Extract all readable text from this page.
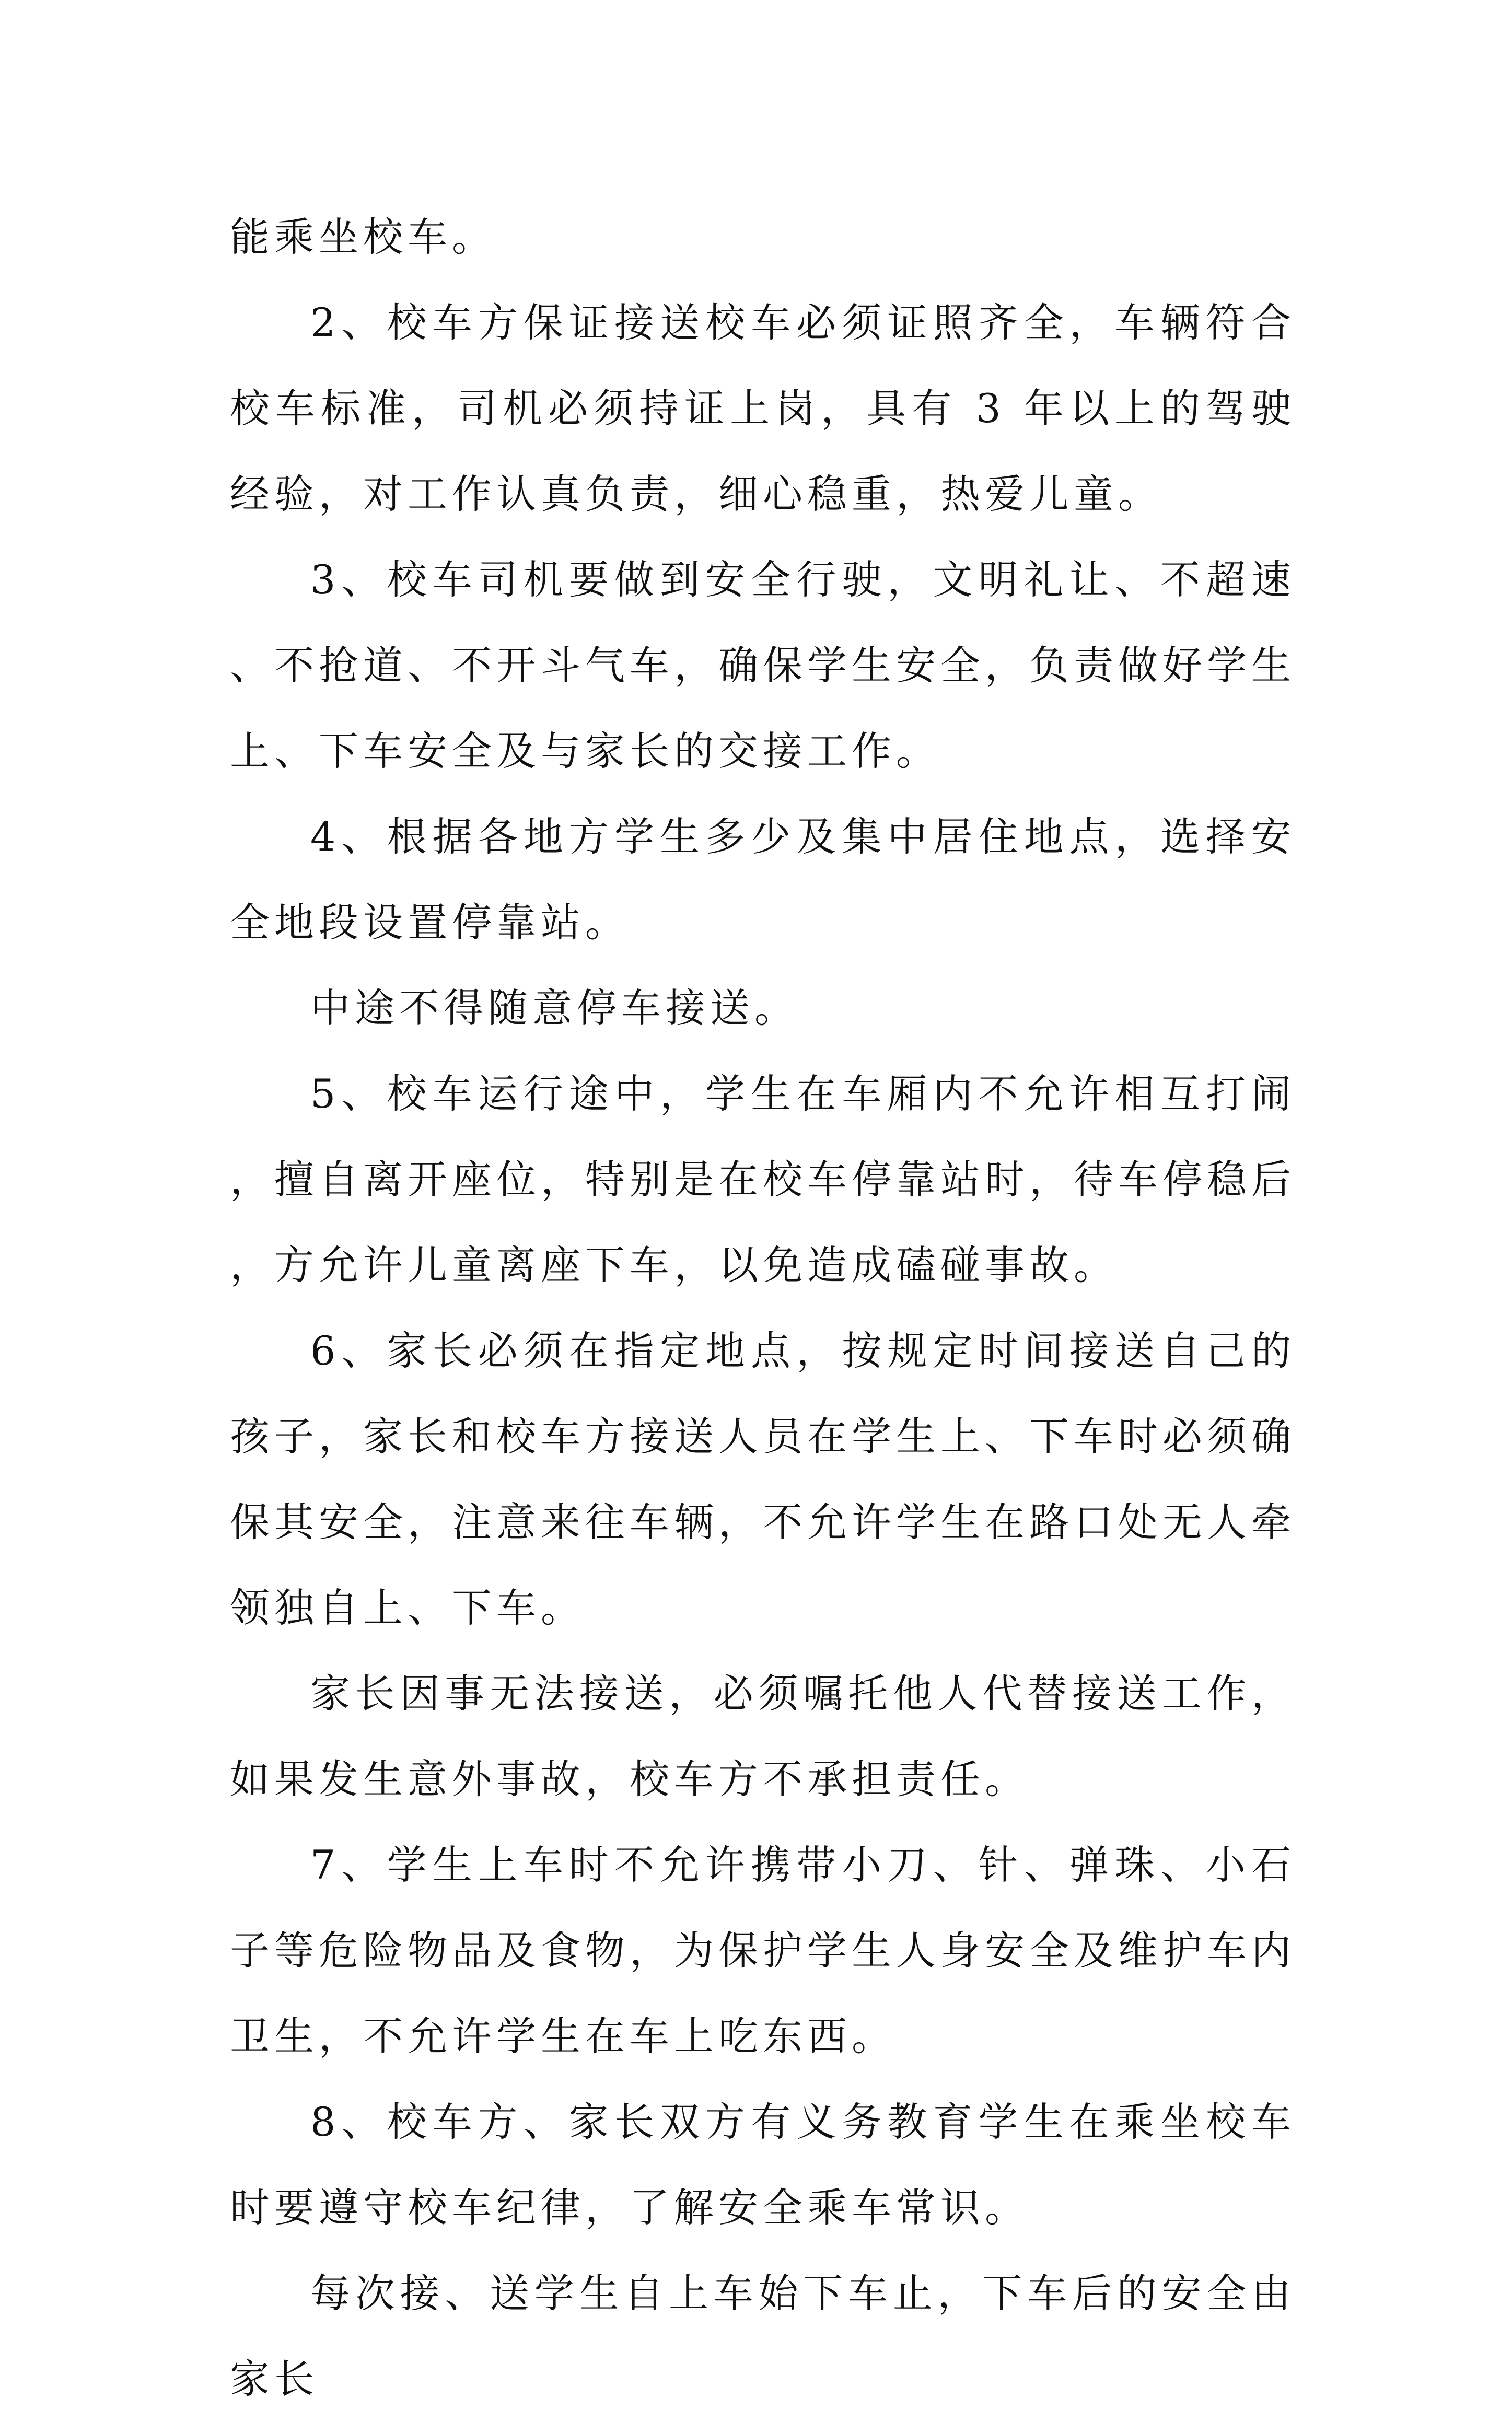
能乘坐校车。

2、校车方保证接送校车必须证照齐全，车辆符合校车标准，司机必须持证上岗，具有 3 年以上的驾驶经验，对工作认真负责，细心稳重，热爱儿童。

3、校车司机要做到安全行驶，文明礼让、不超速、不抢道、不开斗气车，确保学生安全，负责做好学生上、下车安全及与家长的交接工作。

4、根据各地方学生多少及集中居住地点，选择安全地段设置停靠站。

中途不得随意停车接送。

5、校车运行途中，学生在车厢内不允许相互打闹，擅自离开座位，特别是在校车停靠站时，待车停稳后，方允许儿童离座下车，以免造成磕碰事故。

6、家长必须在指定地点，按规定时间接送自己的孩子，家长和校车方接送人员在学生上、下车时必须确保其安全，注意来往车辆，不允许学生在路口处无人牵领独自上、下车。

家长因事无法接送，必须嘱托他人代替接送工作，如果发生意外事故，校车方不承担责任。

7、学生上车时不允许携带小刀、针、弹珠、小石子等危险物品及食物，为保护学生人身安全及维护车内卫生，不允许学生在车上吃东西。

8、校车方、家长双方有义务教育学生在乘坐校车时要遵守校车纪律，了解安全乘车常识。

每次接、送学生自上车始下车止，下车后的安全由家长
